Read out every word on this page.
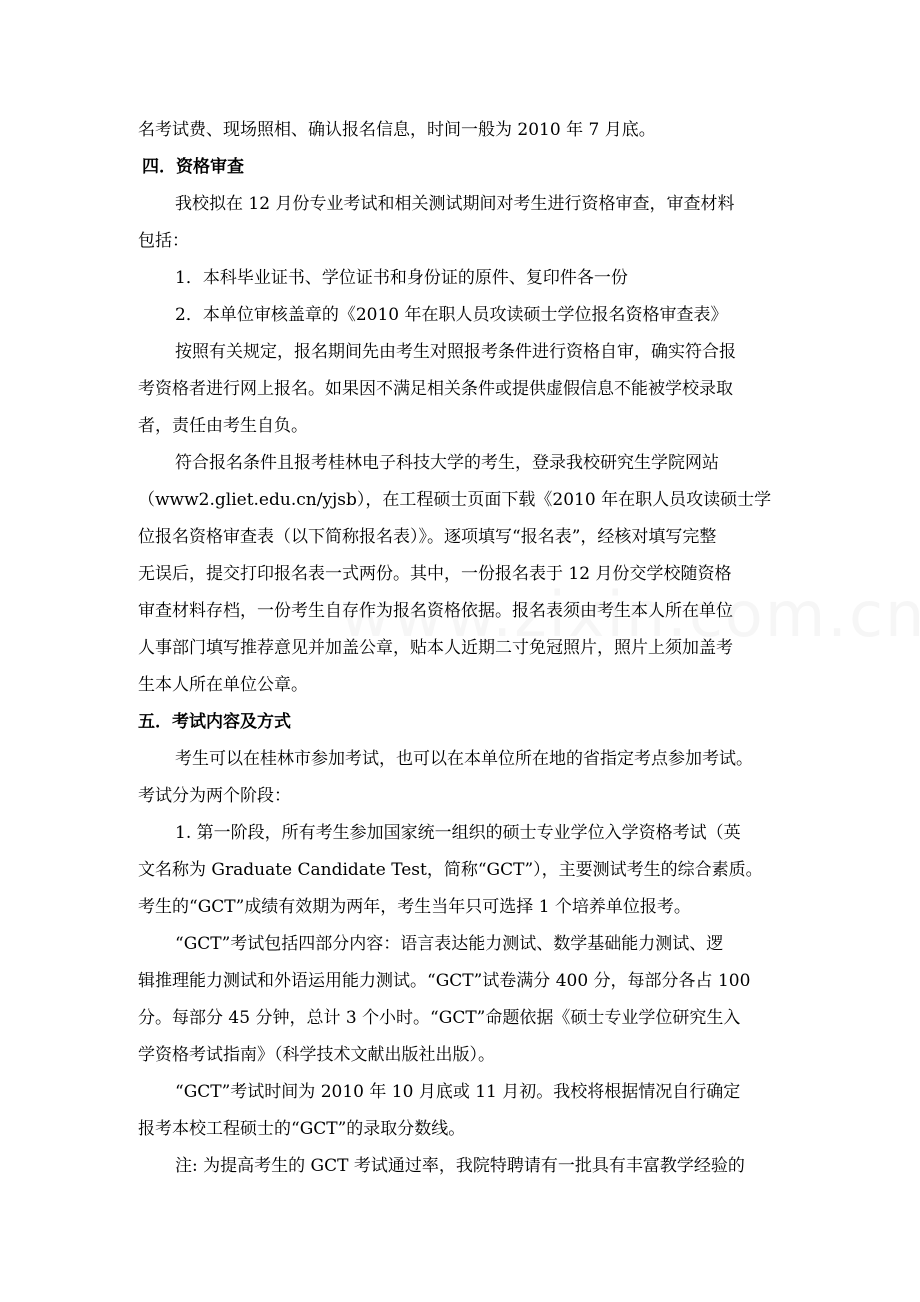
名考试费、现场照相、确认报名信息，时间一般为 2010 年 7 月底。
四．资格审查
我校拟在 12 月份专业考试和相关测试期间对考生进行资格审查，审查材料
包括：
1．本科毕业证书、学位证书和身份证的原件、复印件各一份
2．本单位审核盖章的《2010 年在职人员攻读硕士学位报名资格审查表》
按照有关规定，报名期间先由考生对照报考条件进行资格自审，确实符合报
考资格者进行网上报名。如果因不满足相关条件或提供虚假信息不能被学校录取
者，责任由考生自负。
符合报名条件且报考桂林电子科技大学的考生，登录我校研究生学院网站
（www2.gliet.edu.cn/yjsb），在工程硕士页面下载《2010 年在职人员攻读硕士学
位报名资格审查表（以下简称报名表）》。逐项填写“报名表”，经核对填写完整
无误后，提交打印报名表一式两份。其中，一份报名表于 12 月份交学校随资格
审查材料存档，一份考生自存作为报名资格依据。报名表须由考生本人所在单位
人事部门填写推荐意见并加盖公章，贴本人近期二寸免冠照片，照片上须加盖考
生本人所在单位公章。
五．考试内容及方式
考生可以在桂林市参加考试，也可以在本单位所在地的省指定考点参加考试。
考试分为两个阶段：
1. 第一阶段，所有考生参加国家统一组织的硕士专业学位入学资格考试（英
文名称为 Graduate Candidate Test，简称“GCT”），主要测试考生的综合素质。
考生的“GCT”成绩有效期为两年，考生当年只可选择 1 个培养单位报考。
“GCT”考试包括四部分内容：语言表达能力测试、数学基础能力测试、逻
辑推理能力测试和外语运用能力测试。“GCT”试卷满分 400 分，每部分各占 100
分。每部分 45 分钟，总计 3 个小时。“GCT”命题依据《硕士专业学位研究生入
学资格考试指南》（科学技术文献出版社出版）。
“GCT”考试时间为 2010 年 10 月底或 11 月初。我校将根据情况自行确定
报考本校工程硕士的“GCT”的录取分数线。
注: 为提高考生的 GCT 考试通过率，我院特聘请有一批具有丰富教学经验的
